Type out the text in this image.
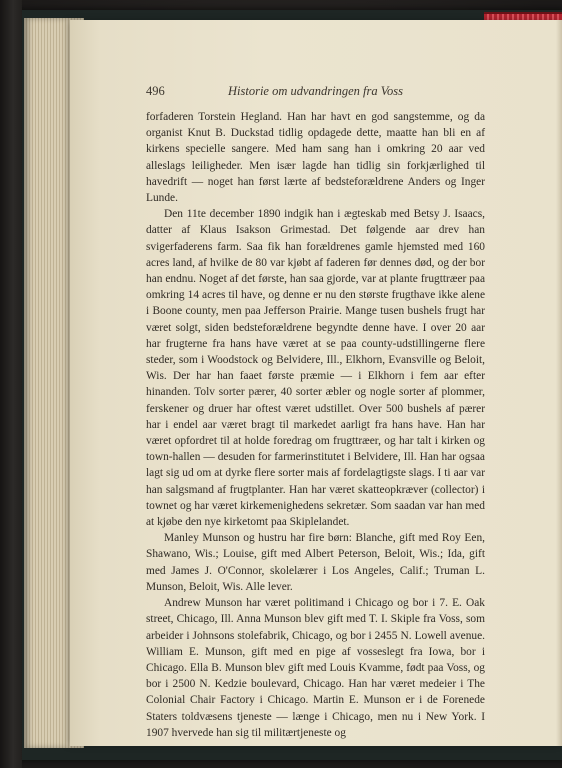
496	Historie om udvandringen fra Voss

forfaderen Torstein Hegland. Han har havt en god sangstemme, og da organist Knut B. Duckstad tidlig opdagede dette, maatte han bli en af kirkens specielle sangere. Med ham sang han i omkring 20 aar ved alleslags leiligheder. Men især lagde han tidlig sin forkjærlighed til havedrift — noget han først lærte af bedsteforældrene Anders og Inger Lunde.

Den 11te december 1890 indgik han i ægteskab med Betsy J. Isaacs, datter af Klaus Isakson Grimestad. Det følgende aar drev han svigerfaderens farm. Saa fik han forældrenes gamle hjemsted med 160 acres land, af hvilke de 80 var kjøbt af faderen før dennes død, og der bor han endnu. Noget af det første, han saa gjorde, var at plante frugttræer paa omkring 14 acres til have, og denne er nu den største frugthave ikke alene i Boone county, men paa Jefferson Prairie. Mange tusen bushels frugt har været solgt, siden bedsteforældrene begyndte denne have. I over 20 aar har frugterne fra hans have været at se paa county-udstillingerne flere steder, som i Woodstock og Belvidere, Ill., Elkhorn, Evansville og Beloit, Wis. Der har han faaet første præmie — i Elkhorn i fem aar efter hinanden. Tolv sorter pærer, 40 sorter æbler og nogle sorter af plommer, ferskener og druer har oftest været udstillet. Over 500 bushels af pærer har i endel aar været bragt til markedet aarligt fra hans have. Han har været opfordret til at holde foredrag om frugttræer, og har talt i kirken og town-hallen — desuden for farmerinstitutet i Belvidere, Ill. Han har ogsaa lagt sig ud om at dyrke flere sorter mais af fordelagtigste slags. I ti aar var han salgsmand af frugtplanter. Han har været skatteopkræver (collector) i townet og har været kirkemenighedens sekretær. Som saadan var han med at kjøbe den nye kirketomt paa Skiplelandet.

Manley Munson og hustru har fire børn: Blanche, gift med Roy Een, Shawano, Wis.; Louise, gift med Albert Peterson, Beloit, Wis.; Ida, gift med James J. O'Connor, skolelærer i Los Angeles, Calif.; Truman L. Munson, Beloit, Wis. Alle lever.

Andrew Munson har været politimand i Chicago og bor i 7. E. Oak street, Chicago, Ill. Anna Munson blev gift med T. I. Skiple fra Voss, som arbeider i Johnsons stolefabrik, Chicago, og bor i 2455 N. Lowell avenue. William E. Munson, gift med en pige af vosseslegt fra Iowa, bor i Chicago. Ella B. Munson blev gift med Louis Kvamme, født paa Voss, og bor i 2500 N. Kedzie boulevard, Chicago. Han har været medeier i The Colonial Chair Factory i Chicago. Martin E. Munson er i de Forenede Staters toldvæsens tjeneste — længe i Chicago, men nu i New York. I 1907 hvervede han sig til militærtjeneste og
